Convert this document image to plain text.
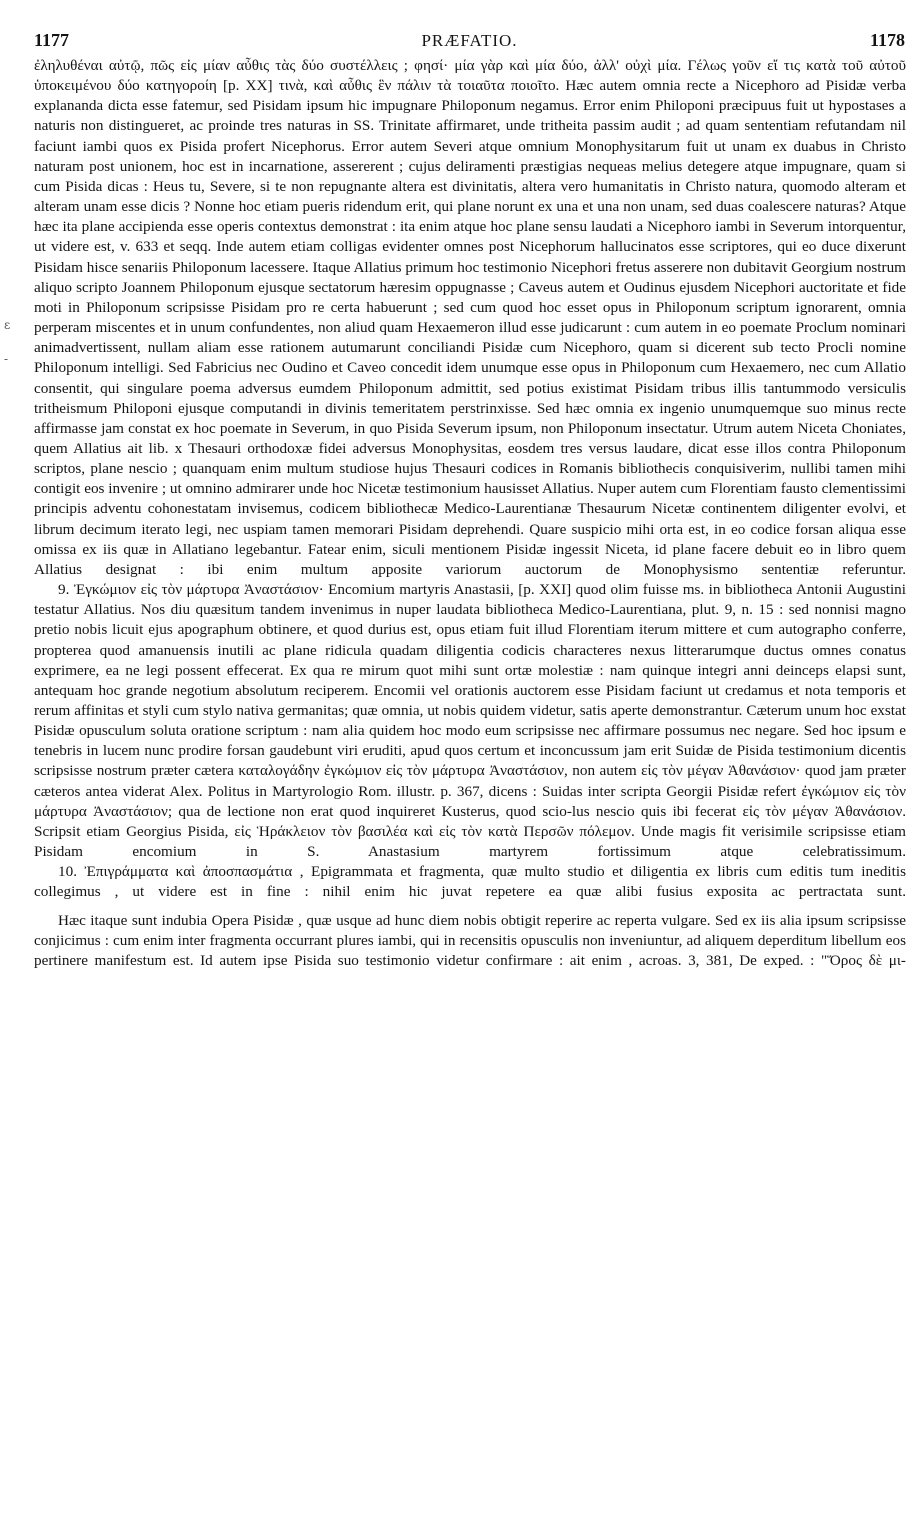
1177	PRÆFATIO.	1178
ε
-

ἐληλυθέναι αὐτῷ, πῶς εἰς μίαν αὖθις τὰς δύο συστέλλεις ; φησί· μία γὰρ καὶ μία δύο, ἀλλ' οὐχὶ μία. Γέλως γοῦν εἴ τις κατὰ τοῦ αὐτοῦ ὑποκειμένου δύο κατηγοροίη [p. XX] τινὰ, καὶ αὖθις ἓν πάλιν τὰ τοιαῦτα ποιοῖτο. Hæc autem omnia recte a Nicephoro ad Pisidæ verba explananda dicta esse fatemur, sed Pisidam ipsum hic impugnare Philoponum negamus. Error enim Philoponi præcipuus fuit ut hypostases a naturis non distingueret, ac proinde tres naturas in SS. Trinitate affirmaret, unde tritheita passim audit ; ad quam sententiam refutandam nil faciunt iambi quos ex Pisida profert Nicephorus. Error autem Severi atque omnium Monophysitarum fuit ut unam ex duabus in Christo naturam post unionem, hoc est in incarnatione, assererent ; cujus deliramenti præstigias nequeas melius detegere atque impugnare, quam si cum Pisida dicas : Heus tu, Severe, si te non repugnante altera est divinitatis, altera vero humanitatis in Christo natura, quomodo alteram et alteram unam esse dicis ? Nonne hoc etiam pueris ridendum erit, qui plane norunt ex una et una non unam, sed duas coalescere naturas? Atque hæc ita plane accipienda esse operis contextus demonstrat : ita enim atque hoc plane sensu laudati a Nicephoro iambi in Severum intorquentur, ut videre est, v. 633 et seqq. Inde autem etiam colligas evidenter omnes post Nicephorum hallucinatos esse scriptores, qui eo duce dixerunt Pisidam hisce senariis Philoponum lacessere. Itaque Allatius primum hoc testimonio Nicephori fretus asserere non dubitavit Georgium nostrum aliquo scripto Joannem Philoponum ejusque sectatorum hæresim oppugnasse ; Caveus autem et Oudinus ejusdem Nicephori auctoritate et fide moti in Philoponum scripsisse Pisidam pro re certa habuerunt ; sed cum quod hoc esset opus in Philoponum scriptum ignorarent, omnia perperam miscentes et in unum confundentes, non aliud quam Hexaemeron illud esse judicarunt : cum autem in eo poemate Proclum nominari animadvertissent, nullam aliam esse rationem autumarunt conciliandi Pisidæ cum Nicephoro, quam si dicerent sub tecto Procli nomine Philoponum intelligi. Sed Fabricius nec Oudino et Caveo concedit idem unumque esse opus in Philoponum cum Hexaemero, nec cum Allatio consentit, qui singulare poema adversus eumdem Philoponum admittit, sed potius existimat Pisidam tribus illis tantummodo versiculis tritheismum Philoponi ejusque computandi in divinis temeritatem perstrinxisse. Sed hæc omnia ex ingenio unumquemque suo minus recte affirmasse jam constat ex hoc poemate in Severum, in quo Pisida Severum ipsum, non Philoponum insectatur. Utrum autem Niceta Choniates, quem Allatius ait lib. x Thesauri orthodoxæ fidei adversus Monophysitas, eosdem tres versus laudare, dicat esse illos contra Philoponum scriptos, plane nescio ; quanquam enim multum studiose hujus Thesauri codices in Romanis bibliothecis conquisiverim, nullibi tamen mihi contigit eos invenire ; ut omnino admirarer unde hoc Nicetæ testimonium hausisset Allatius. Nuper autem cum Florentiam fausto clementissimi principis adventu cohonestatam invisemus, codicem bibliothecæ Medico-Laurentianæ Thesaurum Nicetæ continentem diligenter evolvi, et librum decimum iterato legi, nec uspiam tamen memorari Pisidam deprehendi. Quare suspicio mihi orta est, in eo codice forsan aliqua esse omissa ex iis quæ in Allatiano legebantur. Fatear enim, siculi mentionem Pisidæ ingessit Niceta, id plane facere debuit eo in libro quem Allatius designat : ibi enim multum apposite variorum auctorum de Monophysismo sententiæ referuntur.

9. Ἐγκώμιον εἰς τὸν μάρτυρα Ἀναστάσιον· Encomium martyris Anastasii, [p. XXI] quod olim fuisse ms. in bibliotheca Antonii Augustini testatur Allatius. Nos diu quæsitum tandem invenimus in nuper laudata bibliotheca Medico-Laurentiana, plut. 9, n. 15 : sed nonnisi magno pretio nobis licuit ejus apographum obtinere, et quod durius est, opus etiam fuit illud Florentiam iterum mittere et cum autographo conferre, propterea quod amanuensis inutili ac plane ridicula quadam diligentia codicis characteres nexus litterarumque ductus omnes conatus exprimere, ea ne legi possent effecerat. Ex qua re mirum quot mihi sunt ortæ molestiæ : nam quinque integri anni deinceps elapsi sunt, antequam hoc grande negotium absolutum reciperem. Encomii vel orationis auctorem esse Pisidam faciunt ut credamus et nota temporis et rerum affinitas et styli cum stylo nativa germanitas; quæ omnia, ut nobis quidem videtur, satis aperte demonstrantur. Cæterum unum hoc exstat Pisidæ opusculum soluta oratione scriptum : nam alia quidem hoc modo eum scripsisse nec affirmare possumus nec negare. Sed hoc ipsum e tenebris in lucem nunc prodire forsan gaudebunt viri eruditi, apud quos certum et inconcussum jam erit Suidæ de Pisida testimonium dicentis scripsisse nostrum præter cætera καταλογάδην ἐγκώμιον εἰς τὸν μάρτυρα Ἀναστάσιον, non autem εἰς τὸν μέγαν Ἀθανάσιον· quod jam præter cæteros antea viderat Alex. Politus in Martyrologio Rom. illustr. p. 367, dicens : Suidas inter scripta Georgii Pisidæ refert ἐγκώμιον εἰς τὸν μάρτυρα Ἀναστάσιον; qua de lectione non erat quod inquireret Kusterus, quod scio-lus nescio quis ibi fecerat εἰς τὸν μέγαν Ἀθανάσιον. Scripsit etiam Georgius Pisida, εἰς Ἡράκλειον τὸν βασιλέα καὶ εἰς τὸν κατὰ Περσῶν πόλεμον. Unde magis fit verisimile scripsisse etiam Pisidam encomium in S. Anastasium martyrem fortissimum atque celebratissimum.

10. Ἐπιγράμματα καὶ ἀποσπασμάτια , Epigrammata et fragmenta, quæ multo studio et diligentia ex libris cum editis tum ineditis collegimus , ut videre est in fine : nihil enim hic juvat repetere ea quæ alibi fusius exposita ac pertractata sunt.

Hæc itaque sunt indubia Opera Pisidæ , quæ usque ad hunc diem nobis obtigit reperire ac reperta vulgare. Sed ex iis alia ipsum scripsisse conjicimus : cum enim inter fragmenta occurrant plures iambi, qui in recensitis opusculis non inveniuntur, ad aliquem deperditum libellum eos pertinere manifestum est. Id autem ipse Pisida suo testimonio videtur confirmare : ait enim , acroas. 3, 381, De exped. : "Ὅρος δὲ μι-
